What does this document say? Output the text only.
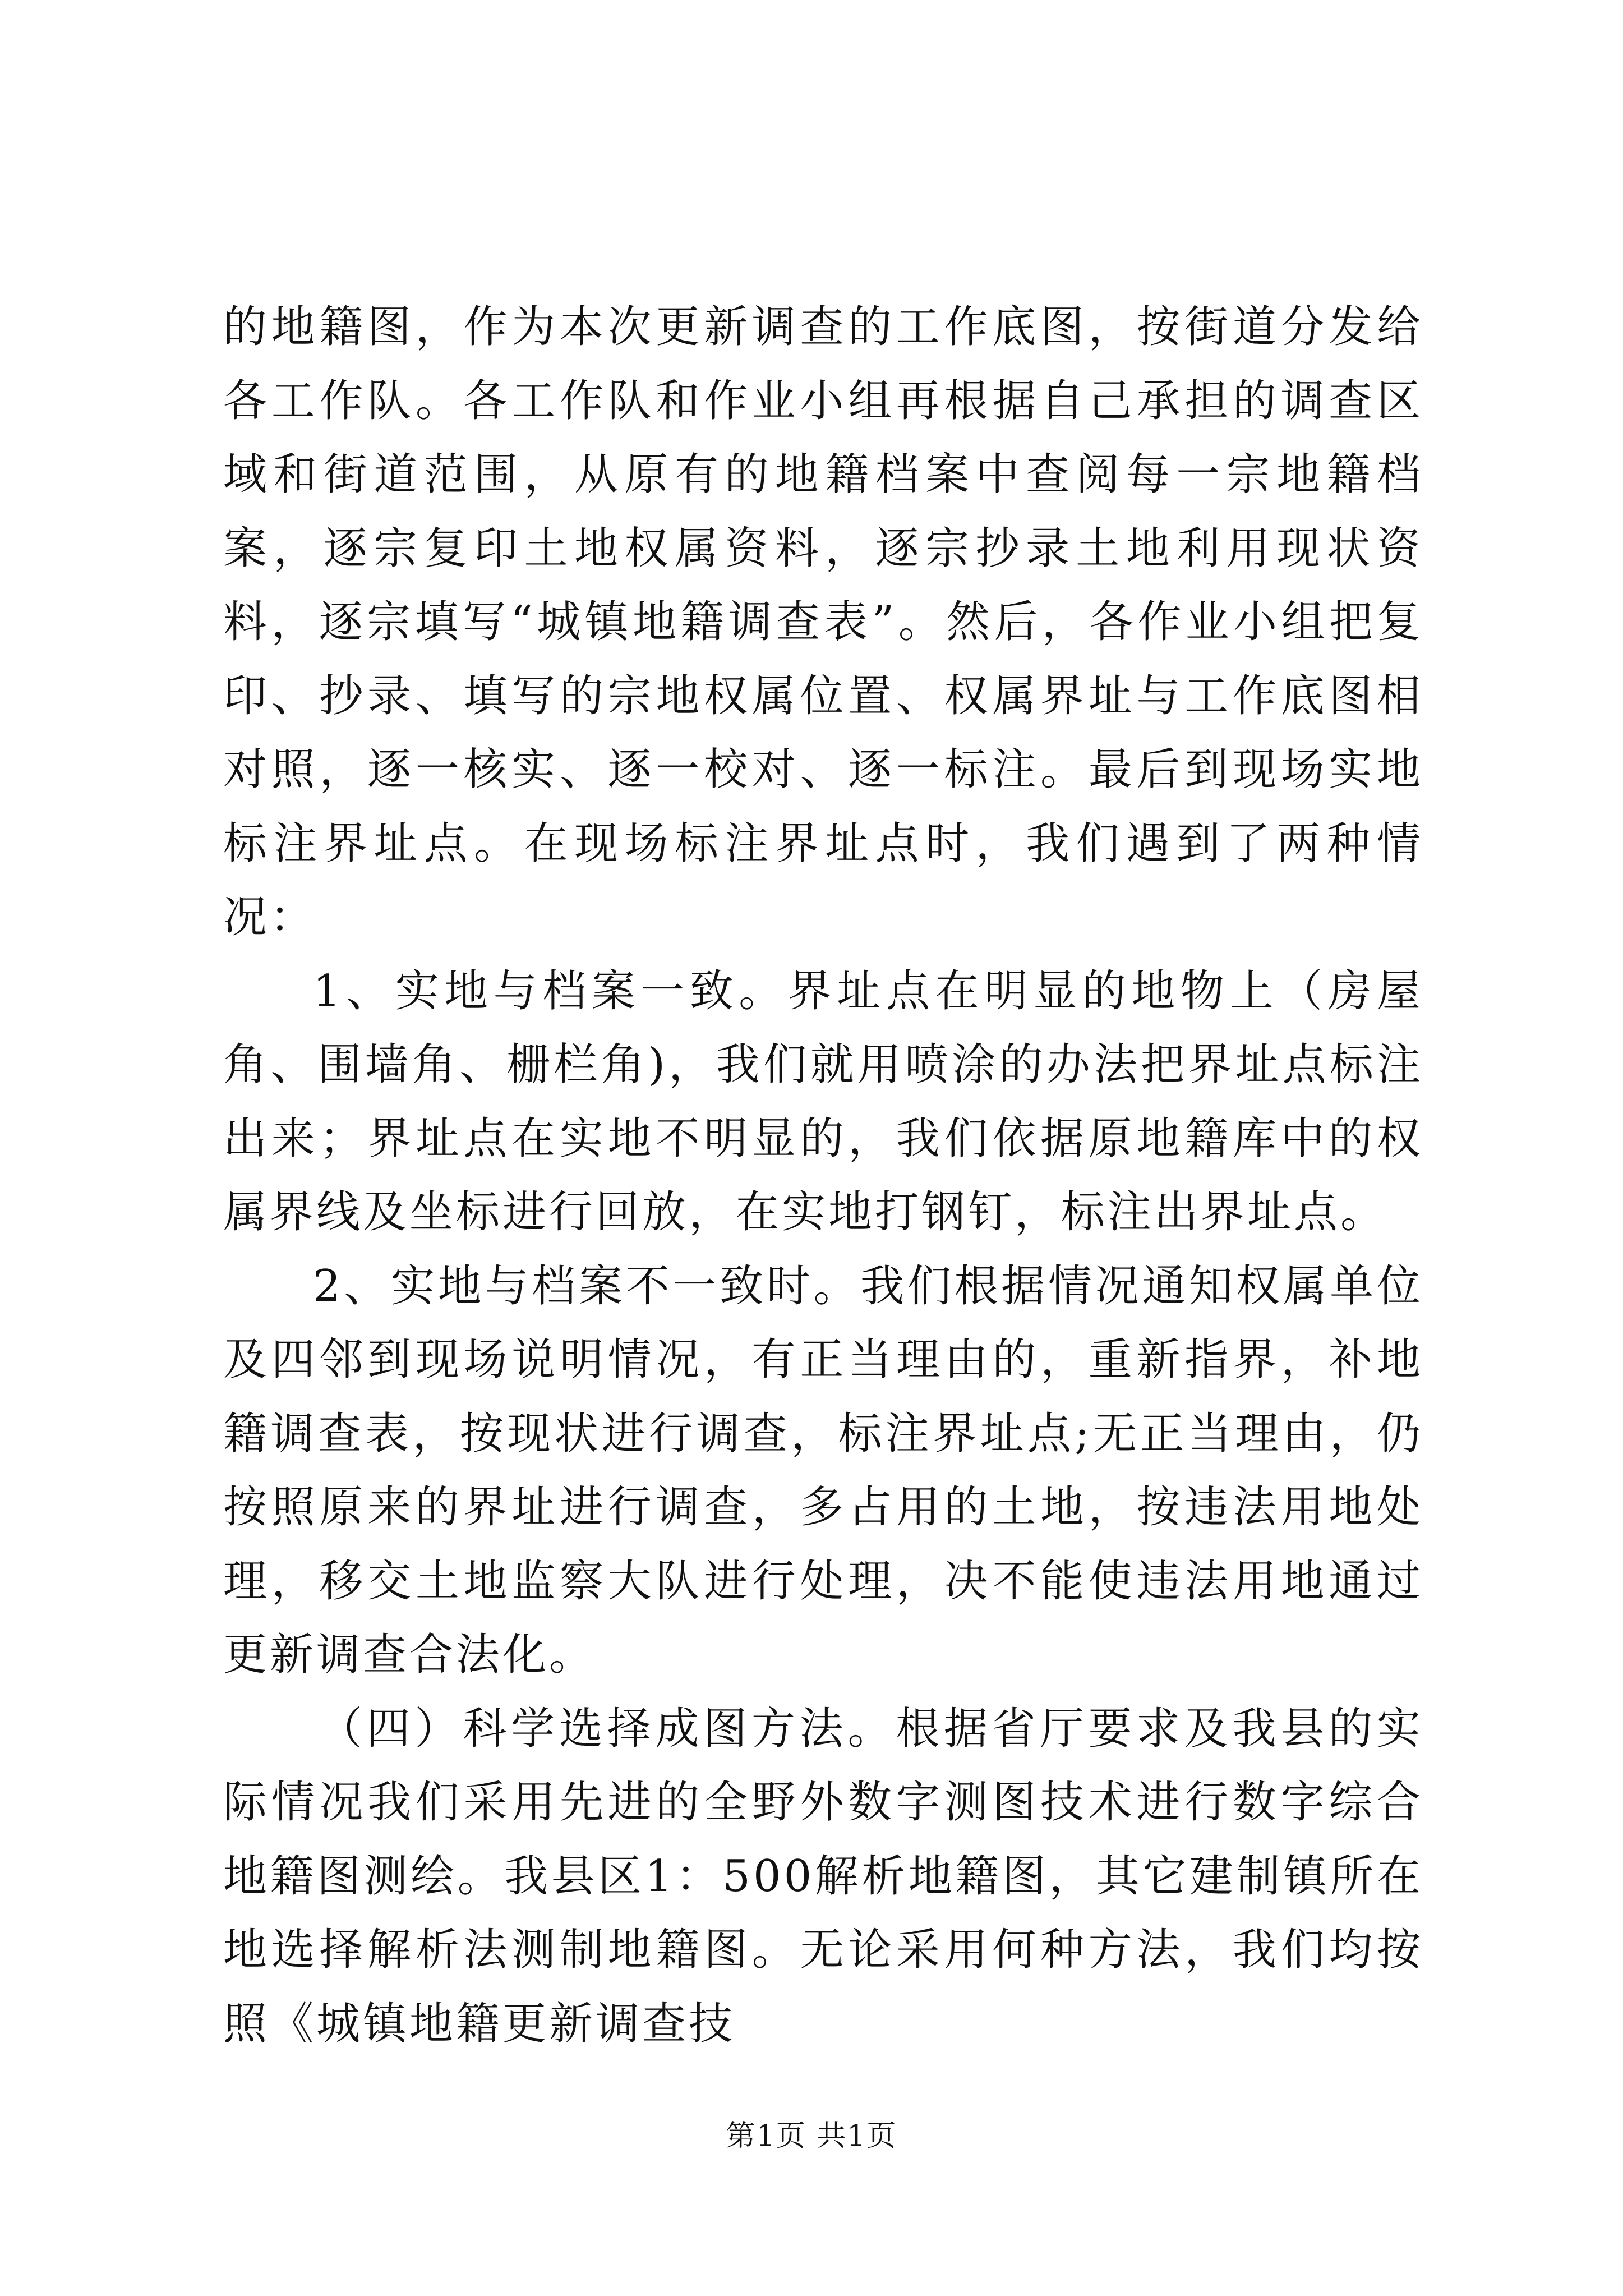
的地籍图，作为本次更新调查的工作底图，按街道分发给各工作队。各工作队和作业小组再根据自己承担的调查区域和街道范围，从原有的地籍档案中查阅每一宗地籍档案，逐宗复印土地权属资料，逐宗抄录土地利用现状资料，逐宗填写“城镇地籍调查表”。然后，各作业小组把复印、抄录、填写的宗地权属位置、权属界址与工作底图相对照，逐一核实、逐一校对、逐一标注。最后到现场实地标注界址点。在现场标注界址点时，我们遇到了两种情况：

1、实地与档案一致。界址点在明显的地物上（房屋角、围墙角、栅栏角)，我们就用喷涂的办法把界址点标注出来；界址点在实地不明显的，我们依据原地籍库中的权属界线及坐标进行回放，在实地打钢钉，标注出界址点。

2、实地与档案不一致时。我们根据情况通知权属单位及四邻到现场说明情况，有正当理由的，重新指界，补地籍调查表，按现状进行调查，标注界址点;无正当理由，仍按照原来的界址进行调查，多占用的土地，按违法用地处理，移交土地监察大队进行处理，决不能使违法用地通过更新调查合法化。

（四）科学选择成图方法。根据省厅要求及我县的实际情况我们采用先进的全野外数字测图技术进行数字综合地籍图测绘。我县区1：500解析地籍图，其它建制镇所在地选择解析法测制地籍图。无论采用何种方法，我们均按照《城镇地籍更新调查技

第1页 共1页
